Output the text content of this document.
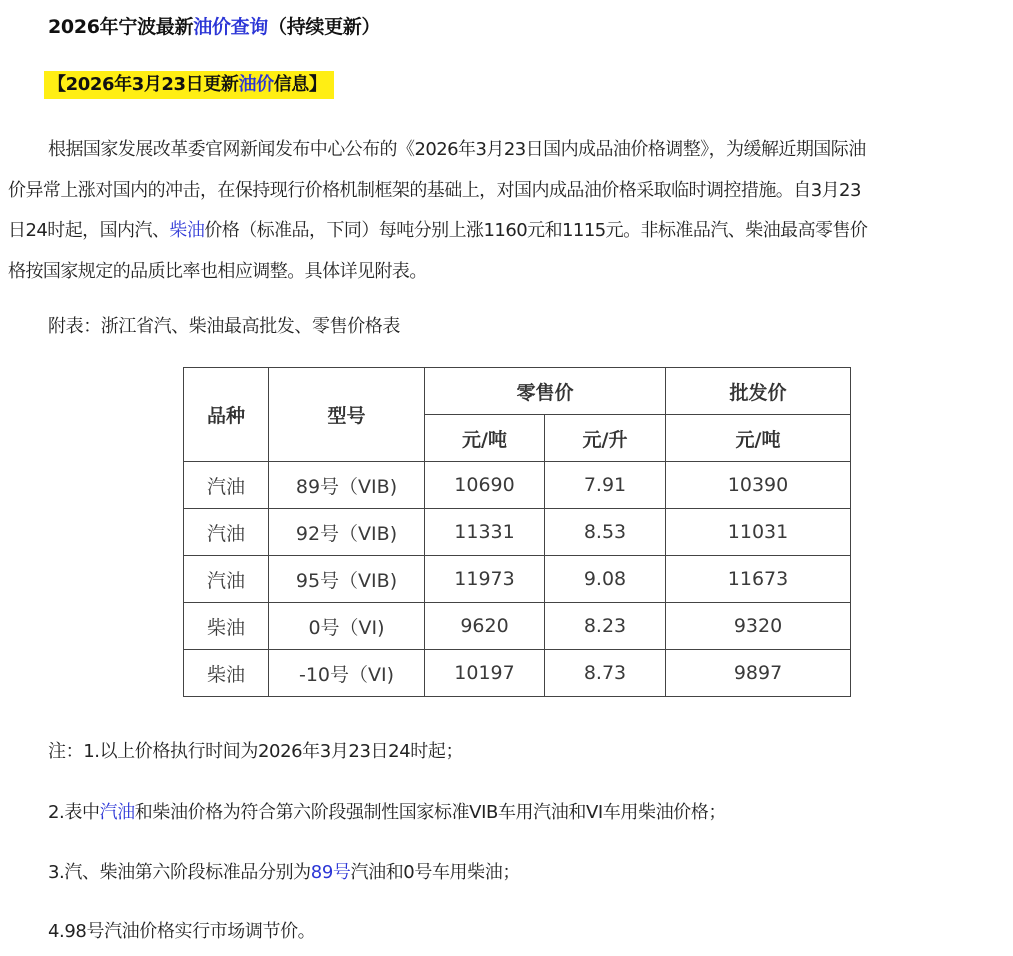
2026年宁波最新油价查询（持续更新）
【2026年3月23日更新油价信息】
根据国家发展改革委官网新闻发布中心公布的《2026年3月23日国内成品油价格调整》，为缓解近期国际油
价异常上涨对国内的冲击，在保持现行价格机制框架的基础上，对国内成品油价格采取临时调控措施。自3月23
日24时起，国内汽、柴油价格（标准品，下同）每吨分别上涨1160元和1115元。非标准品汽、柴油最高零售价
格按国家规定的品质比率也相应调整。具体详见附表。
附表：浙江省汽、柴油最高批发、零售价格表
品种	型号	零售价		批发价
		元/吨	元/升	元/吨
汽油	89号（VIB)	10690	7.91	10390
汽油	92号（VIB)	11331	8.53	11031
汽油	95号（VIB)	11973	9.08	11673
柴油	0号（VI)	9620	8.23	9320
柴油	-10号（VI)	10197	8.73	9897
注：1.以上价格执行时间为2026年3月23日24时起；
2.表中汽油和柴油价格为符合第六阶段强制性国家标准VIB车用汽油和VI车用柴油价格；
3.汽、柴油第六阶段标准品分别为89号汽油和0号车用柴油；
4.98号汽油价格实行市场调节价。
